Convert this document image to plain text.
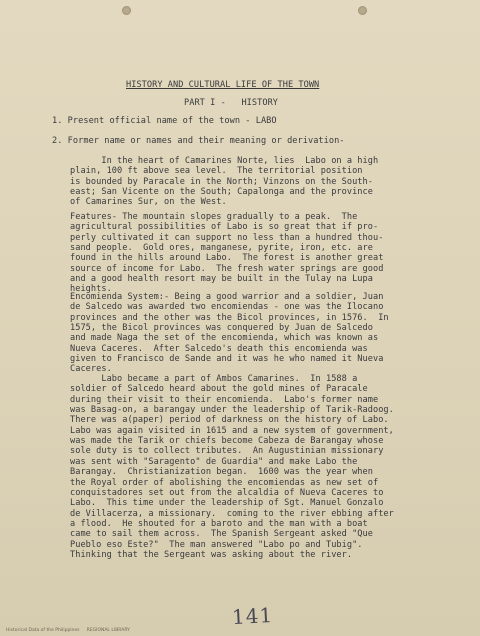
HISTORY AND CULTURAL LIFE OF THE TOWN
PART I -   HISTORY
1. Present official name of the town - LABO
2. Former name or names and their meaning or derivation-
In the heart of Camarines Norte, lies  Labo on a high
plain, 100 ft above sea level.  The territorial position
is bounded by Paracale in the North; Vinzons on the South-
east; San Vicente on the South; Capalonga and the province
of Camarines Sur, on the West.
Features- The mountain slopes gradually to a peak.  The
agricultural possibilities of Labo is so great that if pro-
perly cultivated it can support no less than a hundred thou-
sand people.  Gold ores, manganese, pyrite, iron, etc. are
found in the hills around Labo.  The forest is another great
source of income for Labo.  The fresh water springs are good
and a good health resort may be built in the Tulay na Lupa
heights.
Encomienda System:- Being a good warrior and a soldier, Juan
de Salcedo was awarded two encomiendas - one was the Ilocano
provinces and the other was the Bicol provinces, in 1576.  In
1575, the Bicol provinces was conquered by Juan de Salcedo
and made Naga the set of the encomienda, which was known as
Nueva Caceres.  After Salcedo's death this encomienda was
given to Francisco de Sande and it was he who named it Nueva
Caceres.
Labo became a part of Ambos Camarines.  In 1588 a
soldier of Salcedo heard about the gold mines of Paracale
during their visit to their encomienda.  Labo's former name
was Basag-on, a barangay under the leadership of Tarik-Radoog.
There was a(paper) period of darkness on the history of Labo.
Labo was again visited in 1615 and a new system of government,
was made the Tarik or chiefs become Cabeza de Barangay whose
sole duty is to collect tributes.  An Augustinian missionary
was sent with "Saragento" de Guardia" and make Labo the
Barangay.  Christianization began.  1600 was the year when
the Royal order of abolishing the encomiendas as new set of
conquistadores set out from the alcaldia of Nueva Caceres to
Labo.  This time under the leadership of Sgt. Manuel Gonzalo
de Villacerza, a missionary.  coming to the river ebbing after
a flood.  He shouted for a baroto and the man with a boat
came to sail them across.  The Spanish Sergeant asked "Que
Pueblo eso Este?"  The man answered "Labo po and Tubig".
Thinking that the Sergeant was asking about the river.
141
Historical Data of the Philippines     REGIONAL LIBRARY
